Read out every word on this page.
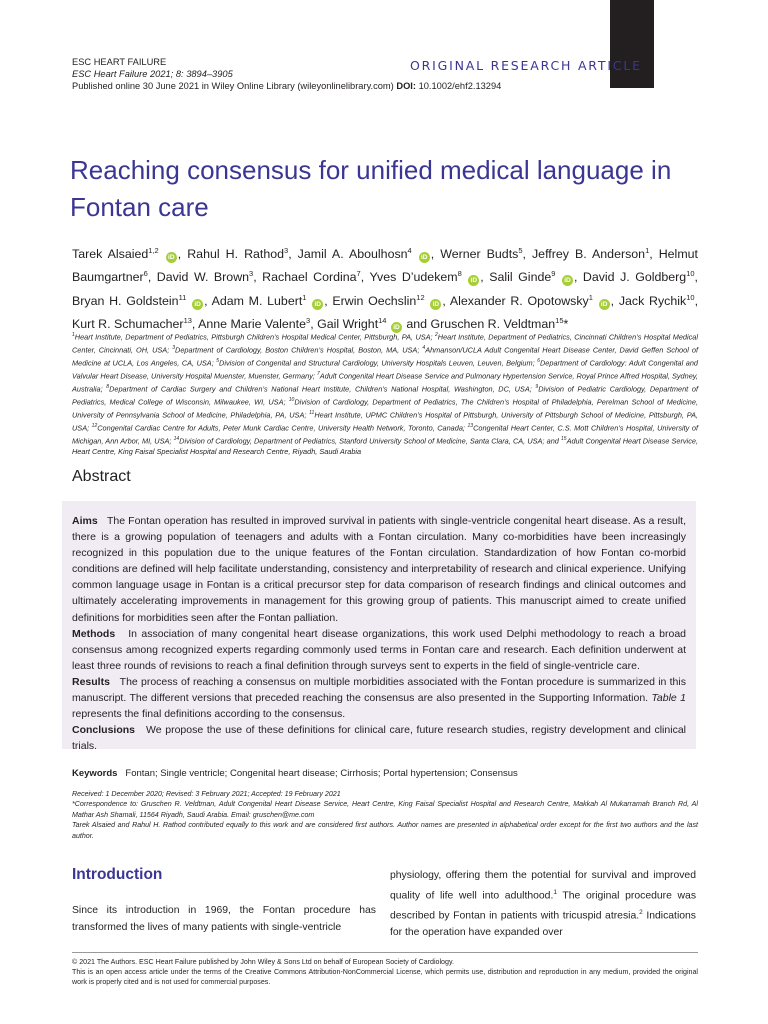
ESC HEART FAILURE
ESC Heart Failure 2021; 8: 3894–3905
Published online 30 June 2021 in Wiley Online Library (wileyonlinelibrary.com) DOI: 10.1002/ehf2.13294
ORIGINAL RESEARCH ARTICLE
Reaching consensus for unified medical language in Fontan care
Tarek Alsaied$^{1,2}$ iD , Rahul H. Rathod$^3$, Jamil A. Aboulhosn$^4$ iD , Werner Budts$^5$, Jeffrey B. Anderson$^1$, Helmut Baumgartner$^6$, David W. Brown$^3$, Rachael Cordina$^7$, Yves D’udekem$^8$ iD , Salil Ginde$^9$ iD , David J. Goldberg$^{10}$, Bryan H. Goldstein$^{11}$ iD , Adam M. Lubert$^1$ iD , Erwin Oechslin$^{12}$ iD , Alexander R. Opotowsky$^1$ iD , Jack Rychik$^{10}$, Kurt R. Schumacher$^{13}$, Anne Marie Valente$^3$, Gail Wright$^{14}$ iD and Gruschen R. Veldtman$^{15}$*
$^1$Heart Institute, Department of Pediatrics, Pittsburgh Children’s Hospital Medical Center, Pittsburgh, PA, USA; $^2$Heart Institute, Department of Pediatrics, Cincinnati Children’s Hospital Medical Center, Cincinnati, OH, USA; $^3$Department of Cardiology, Boston Children’s Hospital, Boston, MA, USA; $^4$Ahmanson/UCLA Adult Congenital Heart Disease Center, David Geffen School of Medicine at UCLA, Los Angeles, CA, USA; $^5$Division of Congenital and Structural Cardiology, University Hospitals Leuven, Leuven, Belgium; $^6$Department of Cardiology: Adult Congenital and Valvular Heart Disease, University Hospital Muenster, Muenster, Germany; $^7$Adult Congenital Heart Disease Service and Pulmonary Hypertension Service, Royal Prince Alfred Hospital, Sydney, Australia; $^8$Department of Cardiac Surgery and Children’s National Heart Institute, Children’s National Hospital, Washington, DC, USA; $^9$Division of Pediatric Cardiology, Department of Pediatrics, Medical College of Wisconsin, Milwaukee, WI, USA; $^{10}$Division of Cardiology, Department of Pediatrics, The Children’s Hospital of Philadelphia, Perelman School of Medicine, University of Pennsylvania School of Medicine, Philadelphia, PA, USA; $^{11}$Heart Institute, UPMC Children’s Hospital of Pittsburgh, University of Pittsburgh School of Medicine, Pittsburgh, PA, USA; $^{12}$Congenital Cardiac Centre for Adults, Peter Munk Cardiac Centre, University Health Network, Toronto, Canada; $^{13}$Congenital Heart Center, C.S. Mott Children’s Hospital, University of Michigan, Ann Arbor, MI, USA; $^{14}$Division of Cardiology, Department of Pediatrics, Stanford University School of Medicine, Santa Clara, CA, USA; and $^{15}$Adult Congenital Heart Disease Service, Heart Centre, King Faisal Specialist Hospital and Research Centre, Riyadh, Saudi Arabia
Abstract

Aims The Fontan operation has resulted in improved survival in patients with single-ventricle congenital heart disease. As a result, there is a growing population of teenagers and adults with a Fontan circulation. Many co-morbidities have been increasingly recognized in this population due to the unique features of the Fontan circulation. Standardization of how Fontan co-morbid conditions are defined will help facilitate understanding, consistency and interpretability of research and clinical experience. Unifying common language usage in Fontan is a critical precursor step for data comparison of research findings and clinical outcomes and ultimately accelerating improvements in management for this growing group of patients. This manuscript aimed to create unified definitions for morbidities seen after the Fontan palliation.

Methods In association of many congenital heart disease organizations, this work used Delphi methodology to reach a broad consensus among recognized experts regarding commonly used terms in Fontan care and research. Each definition underwent at least three rounds of revisions to reach a final definition through surveys sent to experts in the field of single-ventricle care.

Results The process of reaching a consensus on multiple morbidities associated with the Fontan procedure is summarized in this manuscript. The different versions that preceded reaching the consensus are also presented in the Supporting Information. Table 1 represents the final definitions according to the consensus.

Conclusions We propose the use of these definitions for clinical care, future research studies, registry development and clinical trials.

Keywords Fontan; Single ventricle; Congenital heart disease; Cirrhosis; Portal hypertension; Consensus

Received: 1 December 2020; Revised: 3 February 2021; Accepted: 19 February 2021

*Correspondence to: Gruschen R. Veldtman, Adult Congenital Heart Disease Service, Heart Centre, King Faisal Specialist Hospital and Research Centre, Makkah Al Mukarramah Branch Rd, Al Mathar Ash Shamali, 11564 Riyadh, Saudi Arabia. Email: gruschen@me.com

Tarek Alsaied and Rahul H. Rathod contributed equally to this work and are considered first authors. Author names are presented in alphabetical order except for the first two authors and the last author.

Introduction
Since its introduction in 1969, the Fontan procedure has transformed the lives of many patients with single-ventricle
physiology, offering them the potential for survival and improved quality of life well into adulthood.$^1$ The original procedure was described by Fontan in patients with tricuspid atresia.$^2$ Indications for the operation have expanded over

© 2021 The Authors. ESC Heart Failure published by John Wiley & Sons Ltd on behalf of European Society of Cardiology.

This is an open access article under the terms of the Creative Commons Attribution-NonCommercial License, which permits use, distribution and reproduction in any medium, provided the original work is properly cited and is not used for commercial purposes.
